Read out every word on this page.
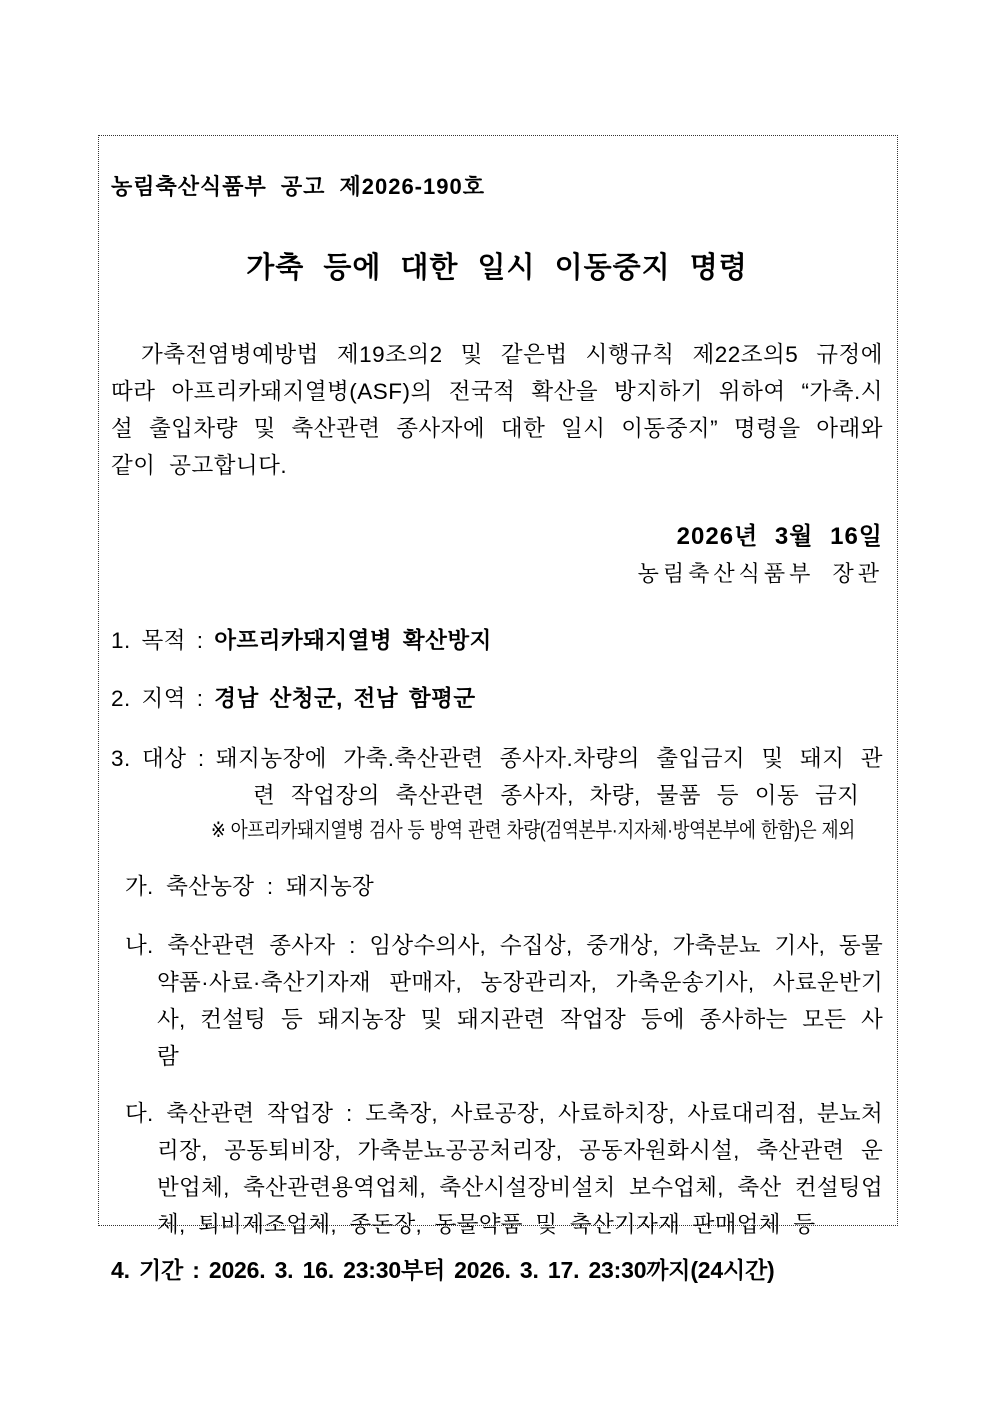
농림축산식품부 공고 제2026-190호
가축 등에 대한 일시 이동중지 명령
가축전염병예방법 제19조의2 및 같은법 시행규칙 제22조의5 규정에 따라 아프리카돼지열병(ASF)의 전국적 확산을 방지하기 위하여 “가축.시설 출입차량 및 축산관련 종사자에 대한 일시 이동중지” 명령을 아래와 같이 공고합니다.
2026년 3월 16일
농림축산식품부 장관
1. 목적 : 아프리카돼지열병 확산방지
2. 지역 : 경남 산청군, 전남 함평군
3. 대상 : 돼지농장에 가축.축산관련 종사자.차량의 출입금지 및 돼지 관련 작업장의 축산관련 종사자, 차량, 물품 등 이동 금지
※ 아프리카돼지열병 검사 등 방역 관련 차량(검역본부·지자체·방역본부에 한함)은 제외
가. 축산농장 : 돼지농장
나. 축산관련 종사자 : 임상수의사, 수집상, 중개상, 가축분뇨 기사, 동물약품·사료·축산기자재 판매자, 농장관리자, 가축운송기사, 사료운반기사, 컨설팅 등 돼지농장 및 돼지관련 작업장 등에 종사하는 모든 사람
다. 축산관련 작업장 : 도축장, 사료공장, 사료하치장, 사료대리점, 분뇨처리장, 공동퇴비장, 가축분뇨공공처리장, 공동자원화시설, 축산관련 운반업체, 축산관련용역업체, 축산시설장비설치 보수업체, 축산 컨설팅업체, 퇴비제조업체, 종돈장, 동물약품 및 축산기자재 판매업체 등
4. 기간 : 2026. 3. 16. 23:30부터 2026. 3. 17. 23:30까지(24시간)
